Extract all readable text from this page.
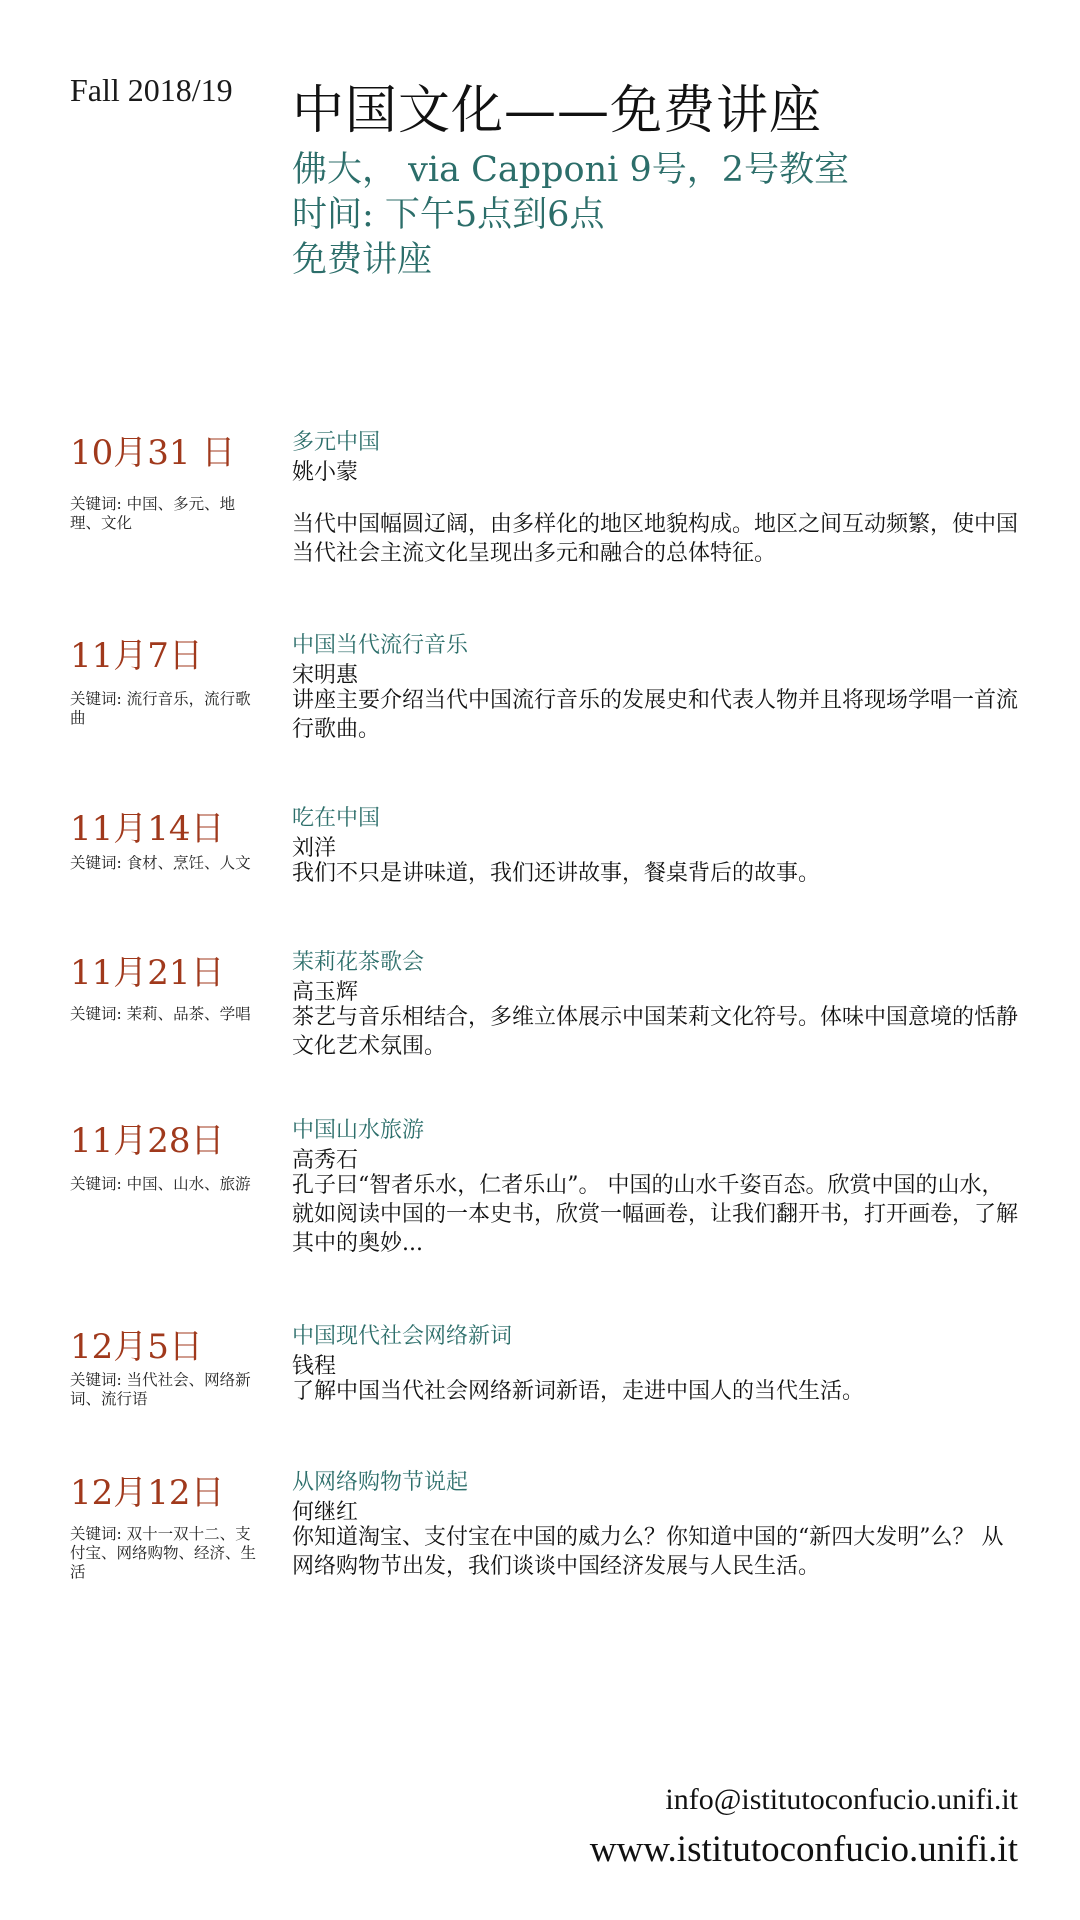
Fall 2018/19 中国文化——免费讲座
佛大， via Capponi 9号，2号教室
时间: 下午5点到6点
免费讲座
10月31 日
关键词: 中国、多元、地理、文化
多元中国
姚小蒙
当代中国幅圆辽阔，由多样化的地区地貌构成。地区之间互动频繁，使中国当代社会主流文化呈现出多元和融合的总体特征。
11月7日
关键词: 流行音乐，流行歌曲
中国当代流行音乐
宋明惠
讲座主要介绍当代中国流行音乐的发展史和代表人物并且将现场学唱一首流行歌曲。
11月14日
关键词: 食材、烹饪、人文
吃在中国
刘洋
我们不只是讲味道，我们还讲故事，餐桌背后的故事。
11月21日
关键词: 茉莉、品茶、学唱
茉莉花茶歌会
高玉辉
茶艺与音乐相结合，多维立体展示中国茉莉文化符号。体味中国意境的恬静文化艺术氛围。
11月28日
关键词: 中国、山水、旅游
中国山水旅游
高秀石
孔子曰“智者乐水，仁者乐山”。 中国的山水千姿百态。欣赏中国的山水，就如阅读中国的一本史书，欣赏一幅画卷，让我们翻开书，打开画卷，了解其中的奥妙...
12月5日
关键词: 当代社会、网络新词、流行语
中国现代社会网络新词
钱程
了解中国当代社会网络新词新语，走进中国人的当代生活。
12月12日
关键词: 双十一双十二、支付宝、网络购物、经济、生活
从网络购物节说起
何继红
你知道淘宝、支付宝在中国的威力么？你知道中国的“新四大发明”么？ 从网络购物节出发，我们谈谈中国经济发展与人民生活。
info@istitutoconfucio.unifi.it
www.istitutoconfucio.unifi.it
